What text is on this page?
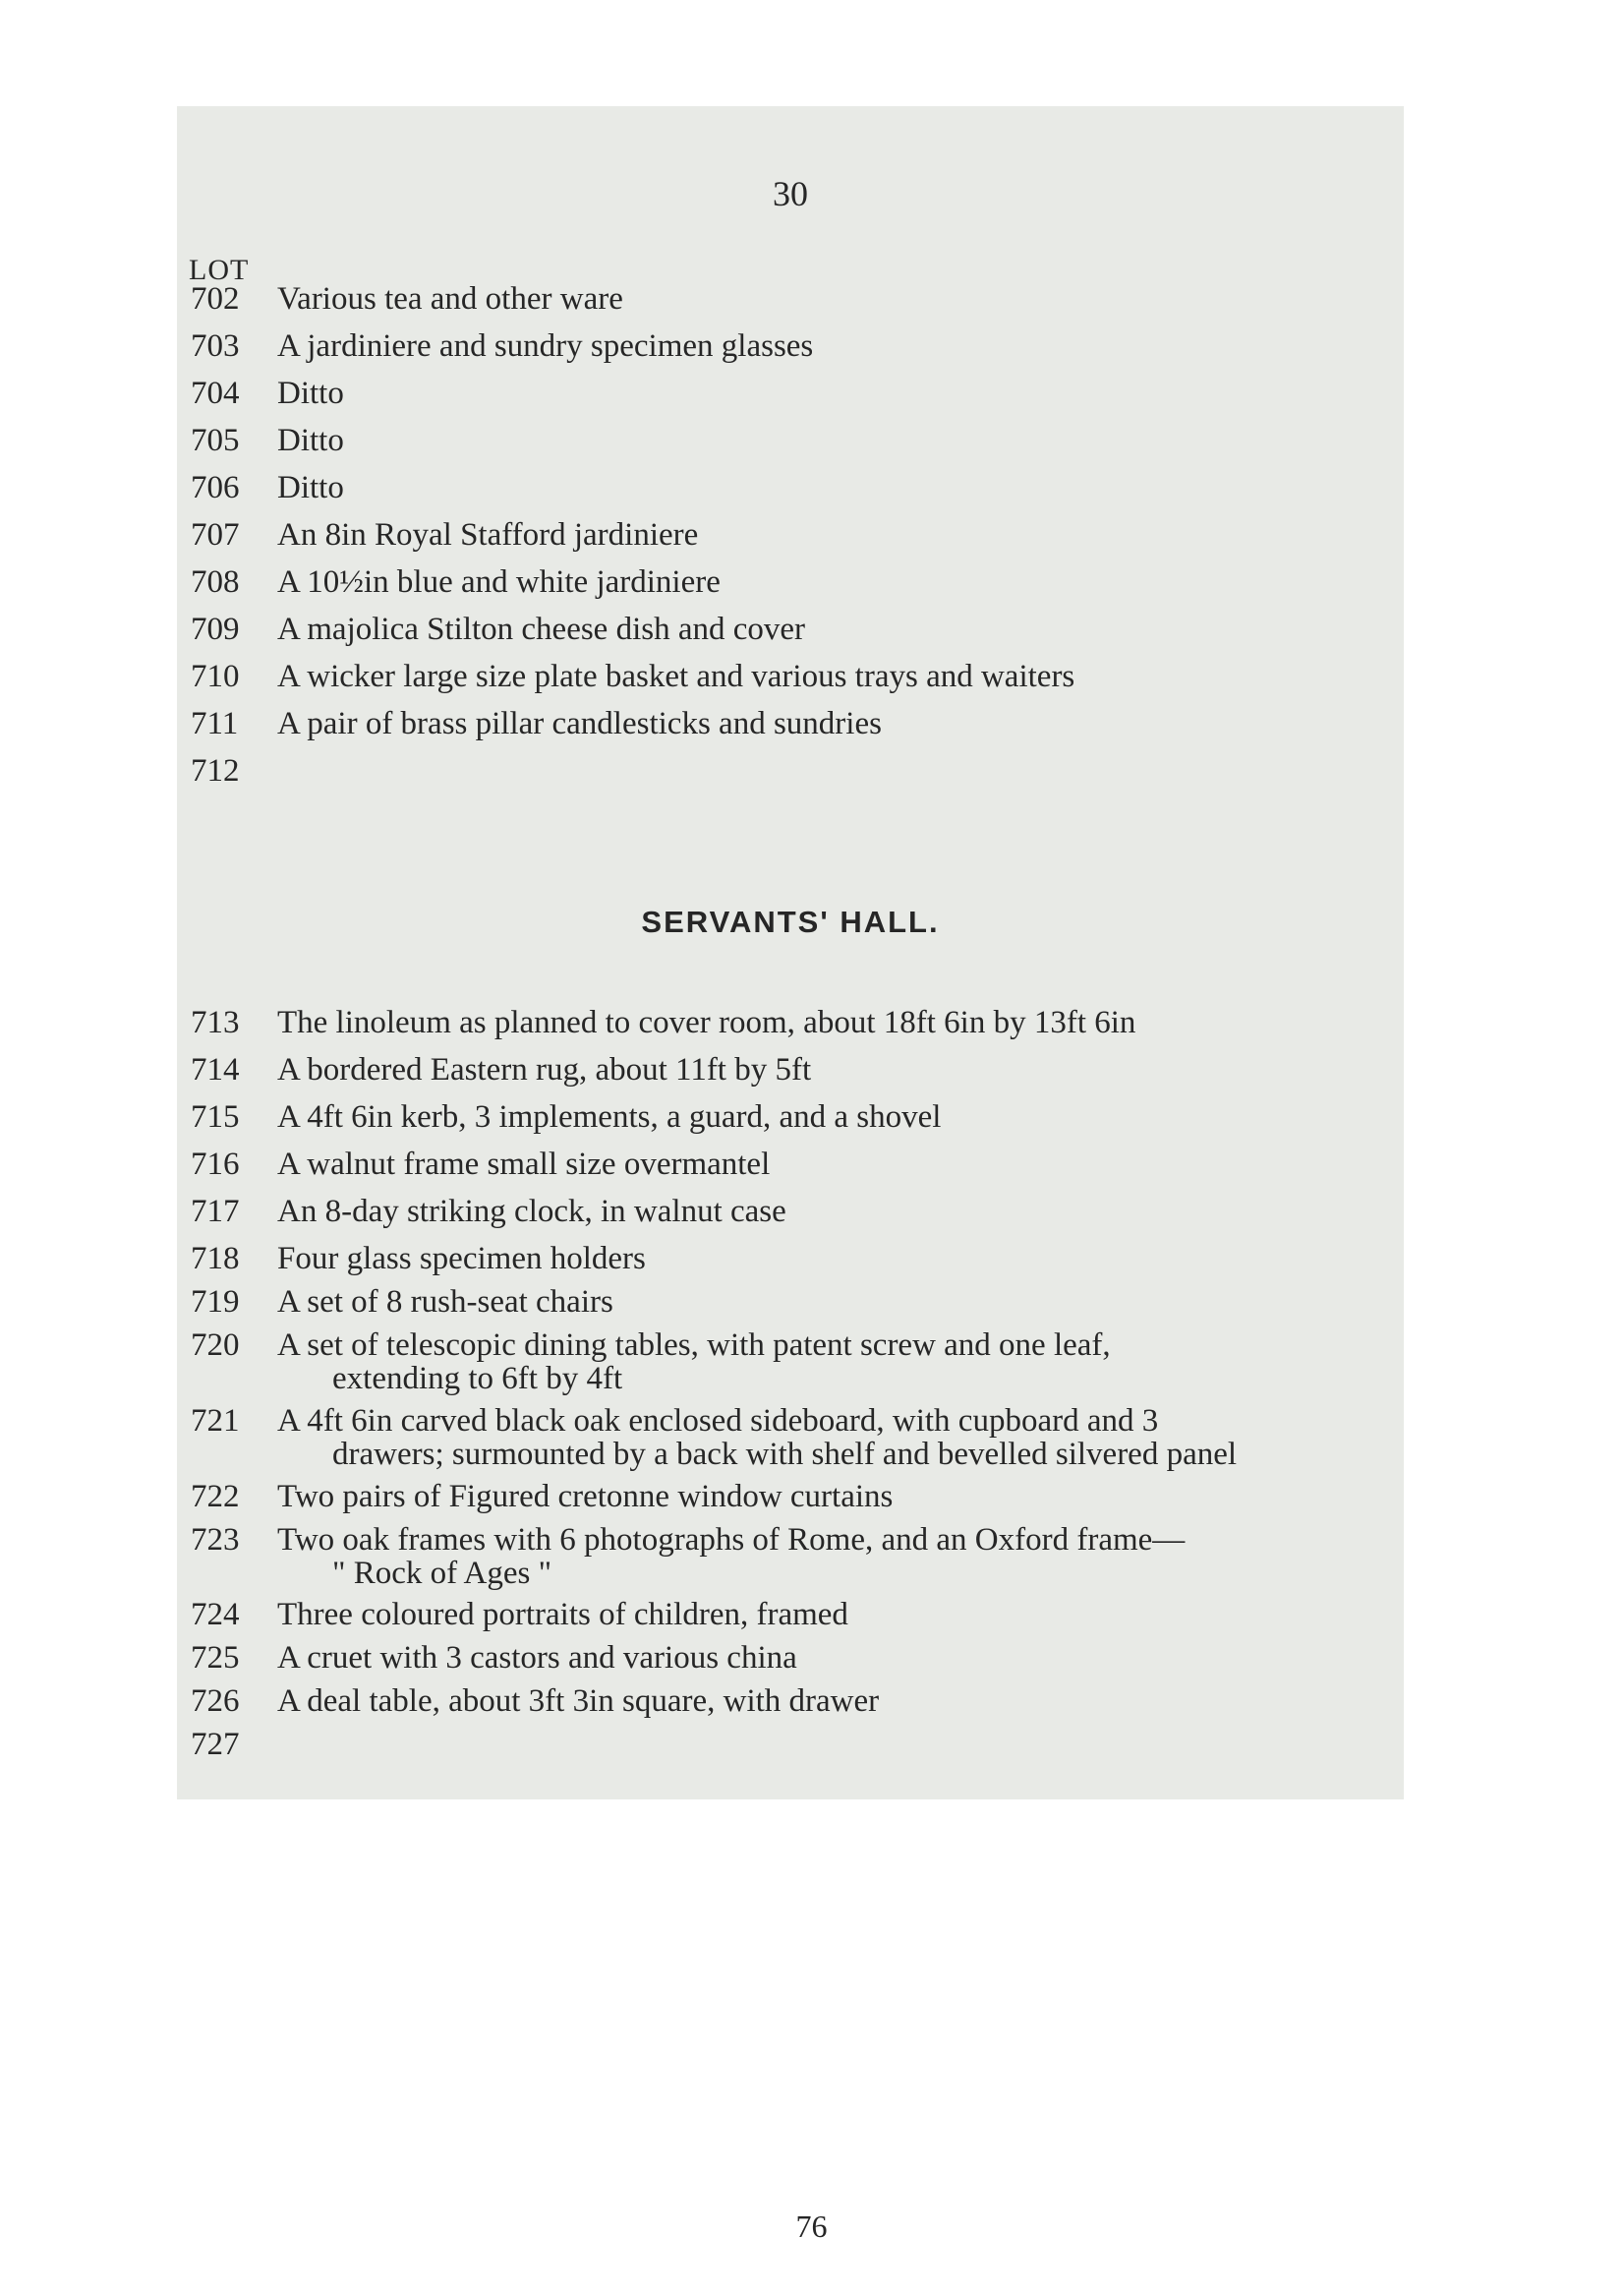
30
LOT
702 Various tea and other ware
703 A jardiniere and sundry specimen glasses
704 Ditto
705 Ditto
706 Ditto
707 An 8in Royal Stafford jardiniere
708 A 10½in blue and white jardiniere
709 A majolica Stilton cheese dish and cover
710 A wicker large size plate basket and various trays and waiters
711 A pair of brass pillar candlesticks and sundries
712
SERVANTS' HALL.
713 The linoleum as planned to cover room, about 18ft 6in by 13ft 6in
714 A bordered Eastern rug, about 11ft by 5ft
715 A 4ft 6in kerb, 3 implements, a guard, and a shovel
716 A walnut frame small size overmantel
717 An 8-day striking clock, in walnut case
718 Four glass specimen holders
719 A set of 8 rush-seat chairs
720 A set of telescopic dining tables, with patent screw and one leaf,
extending to 6ft by 4ft
721 A 4ft 6in carved black oak enclosed sideboard, with cupboard and 3
drawers; surmounted by a back with shelf and bevelled silvered panel
722 Two pairs of Figured cretonne window curtains
723 Two oak frames with 6 photographs of Rome, and an Oxford frame—
" Rock of Ages "
724 Three coloured portraits of children, framed
725 A cruet with 3 castors and various china
726 A deal table, about 3ft 3in square, with drawer
727
76
